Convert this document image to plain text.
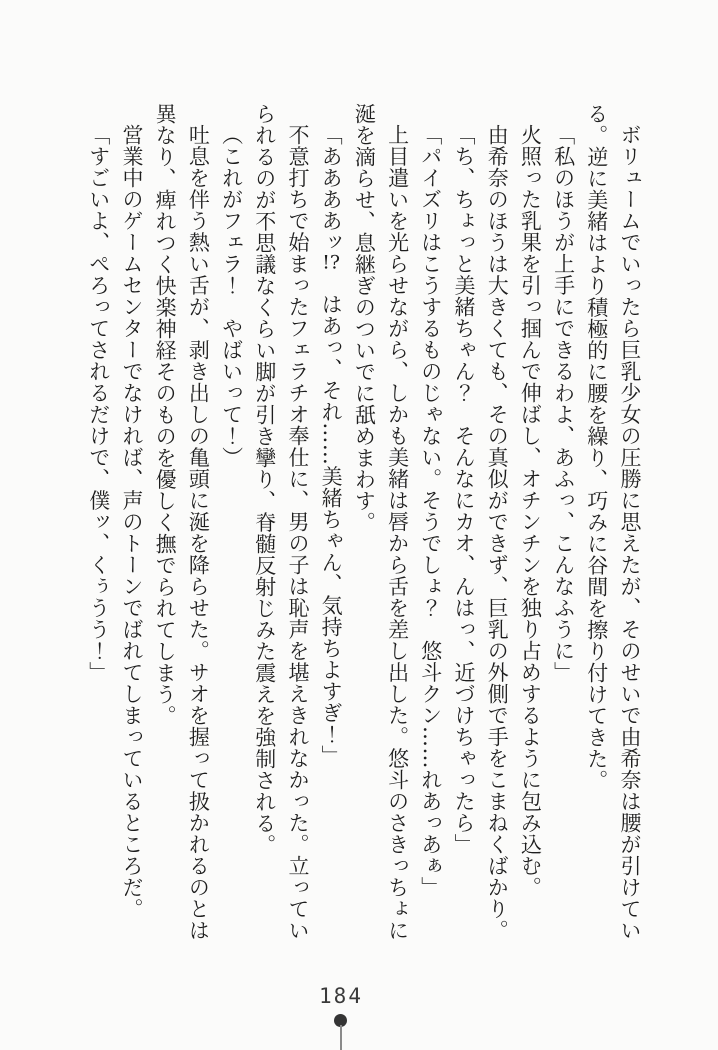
ボリュームでいったら巨乳少女の圧勝に思えたが、そのせいで由希奈は腰が引けている。逆に美緒はより積極的に腰を繰り、巧みに谷間を擦り付けてきた。

「私のほうが上手にできるわよ、あふっ、こんなふうに」

火照った乳果を引っ掴んで伸ばし、オチンチンを独り占めするように包み込む。

由希奈のほうは大きくても、その真似ができず、巨乳の外側で手をこまねくばかり。

「ち、ちょっと美緒ちゃん？　そんなにカオ、んはっ、近づけちゃったら」

「パイズリはこうするものじゃない。そうでしょ？　悠斗クン……れあっあぁ」

上目遣いを光らせながら、しかも美緒は唇から舌を差し出した。悠斗のさきっちょに涎を滴らせ、息継ぎのついでに舐めまわす。

「ああああッ!?　はあっ、それ……美緒ちゃん、気持ちよすぎ！」

不意打ちで始まったフェラチオ奉仕に、男の子は恥声を堪えきれなかった。立っていられるのが不思議なくらい脚が引き攣り、脊髄反射じみた震えを強制される。

（これがフェラ！　やばいって！）

吐息を伴う熱い舌が、剥き出しの亀頭に涎を降らせた。サオを握って扱かれるのとは異なり、痺れつく快楽神経そのものを優しく撫でられてしまう。

営業中のゲームセンターでなければ、声のトーンでばれてしまっているところだ。

「すごいよ、ぺろってされるだけで、僕ッ、くぅうう！」

184
